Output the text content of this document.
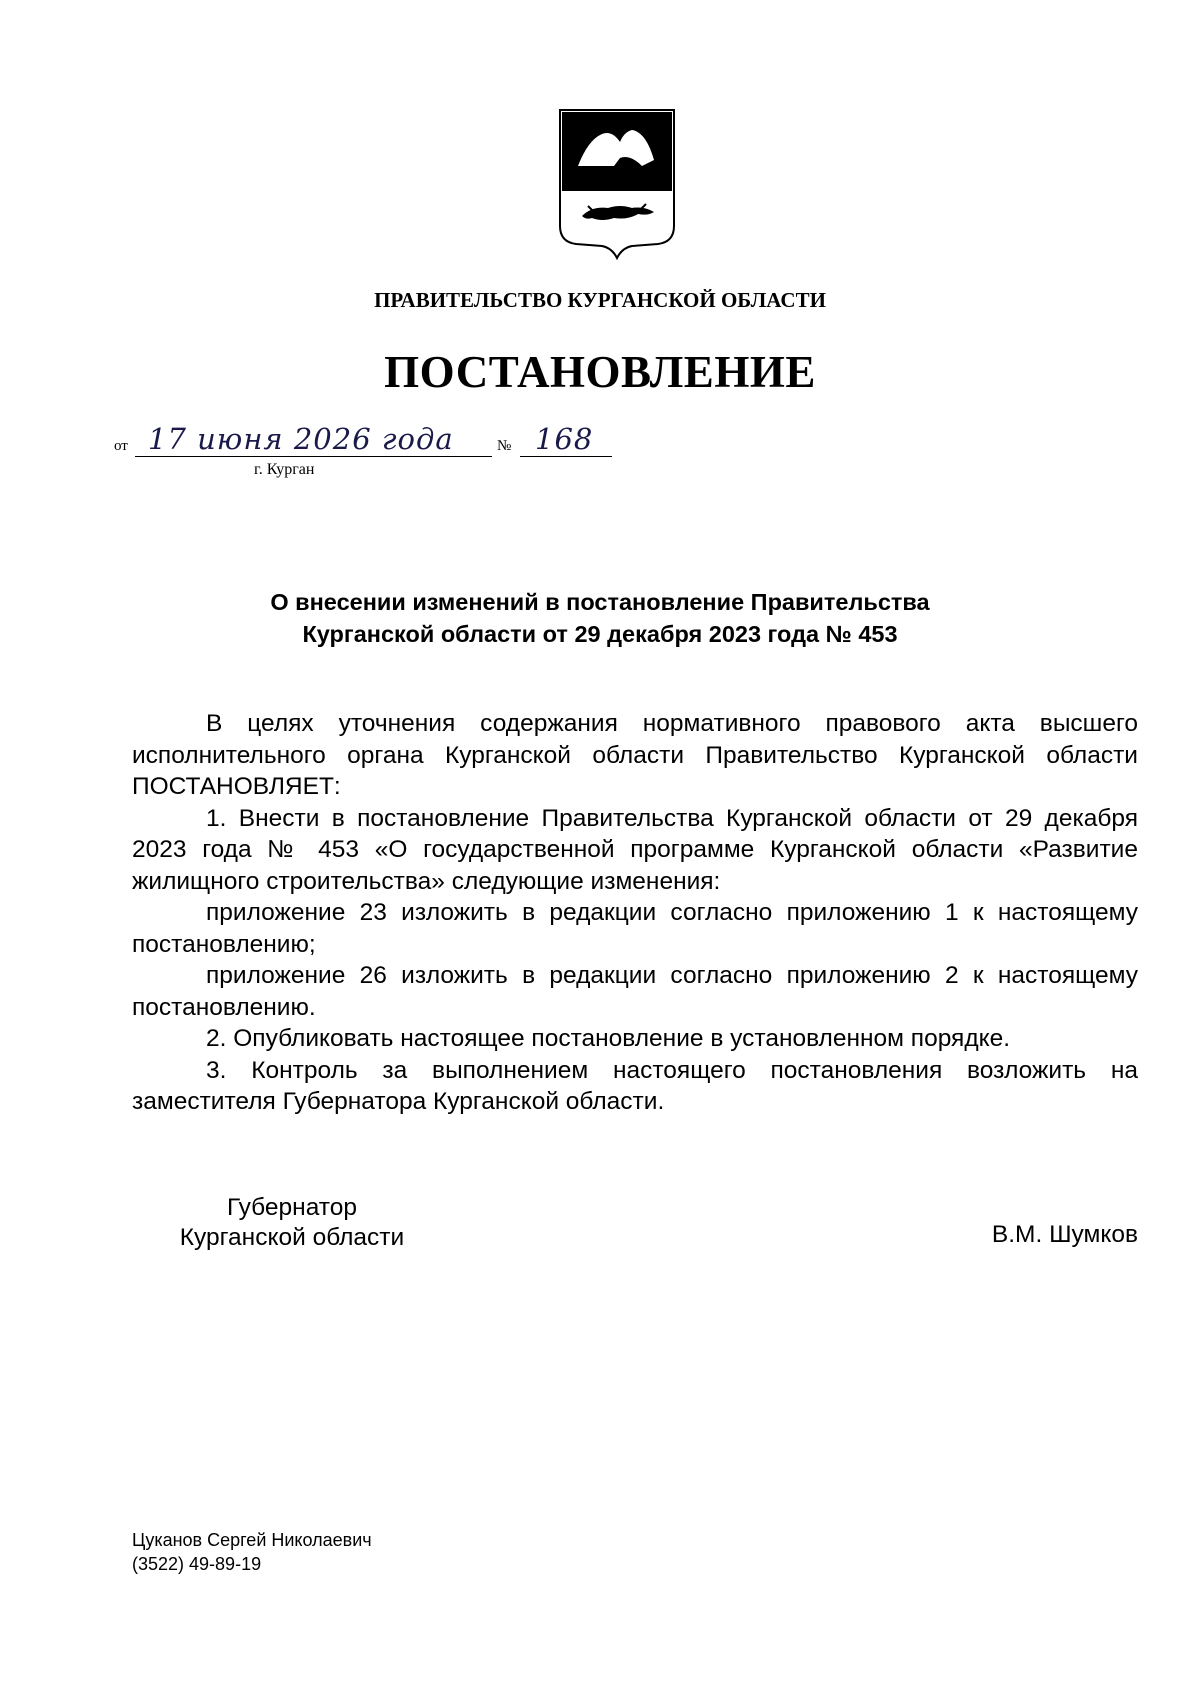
ПРАВИТЕЛЬСТВО КУРГАНСКОЙ ОБЛАСТИ
ПОСТАНОВЛЕНИЕ
от 17 июня 2026 года	№ 168
г. Курган
О внесении изменений в постановление Правительства
Курганской области от 29 декабря 2023 года № 453

В целях уточнения содержания нормативного правового акта высшего исполнительного органа Курганской области Правительство Курганской области ПОСТАНОВЛЯЕТ:

1. Внести в постановление Правительства Курганской области от 29 декабря 2023 года № 453 «О государственной программе Курганской области «Развитие жилищного строительства» следующие изменения:

приложение 23 изложить в редакции согласно приложению 1 к настоящему постановлению;

приложение 26 изложить в редакции согласно приложению 2 к настоящему постановлению.

2. Опубликовать настоящее постановление в установленном порядке.

3. Контроль за выполнением настоящего постановления возложить на заместителя Губернатора Курганской области.

Губернатор
Курганской области	В.М. Шумков
Цуканов Сергей Николаевич
(3522) 49-89-19
